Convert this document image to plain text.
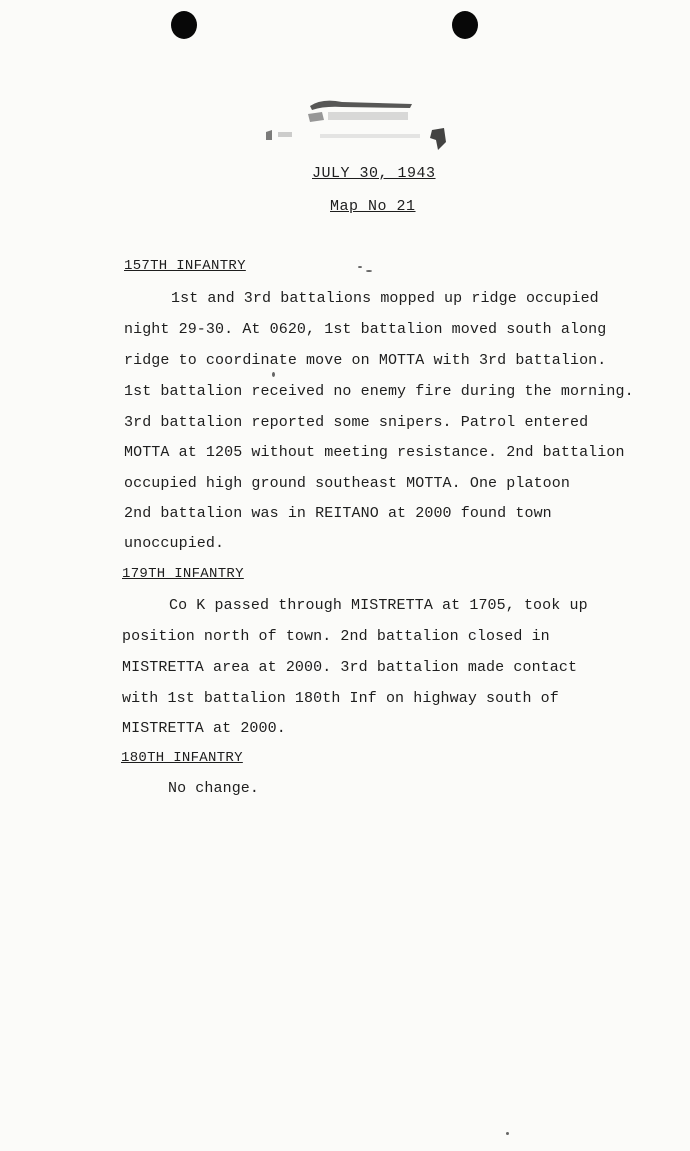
JULY 30, 1943
Map No 21
157TH INFANTRY
1st and 3rd battalions mopped up ridge occupied
night 29-30. At 0620, 1st battalion moved south along
ridge to coordinate move on MOTTA with 3rd battalion.
1st battalion received no enemy fire during the morning.
3rd battalion reported some snipers. Patrol entered
MOTTA at 1205 without meeting resistance. 2nd battalion
occupied high ground southeast MOTTA. One platoon
2nd battalion was in REITANO at 2000 found town
unoccupied.
179TH INFANTRY
Co K passed through MISTRETTA at 1705, took up
position north of town. 2nd battalion closed in
MISTRETTA area at 2000. 3rd battalion made contact
with 1st battalion 180th Inf on highway south of
MISTRETTA at 2000.
180TH INFANTRY
No change.
